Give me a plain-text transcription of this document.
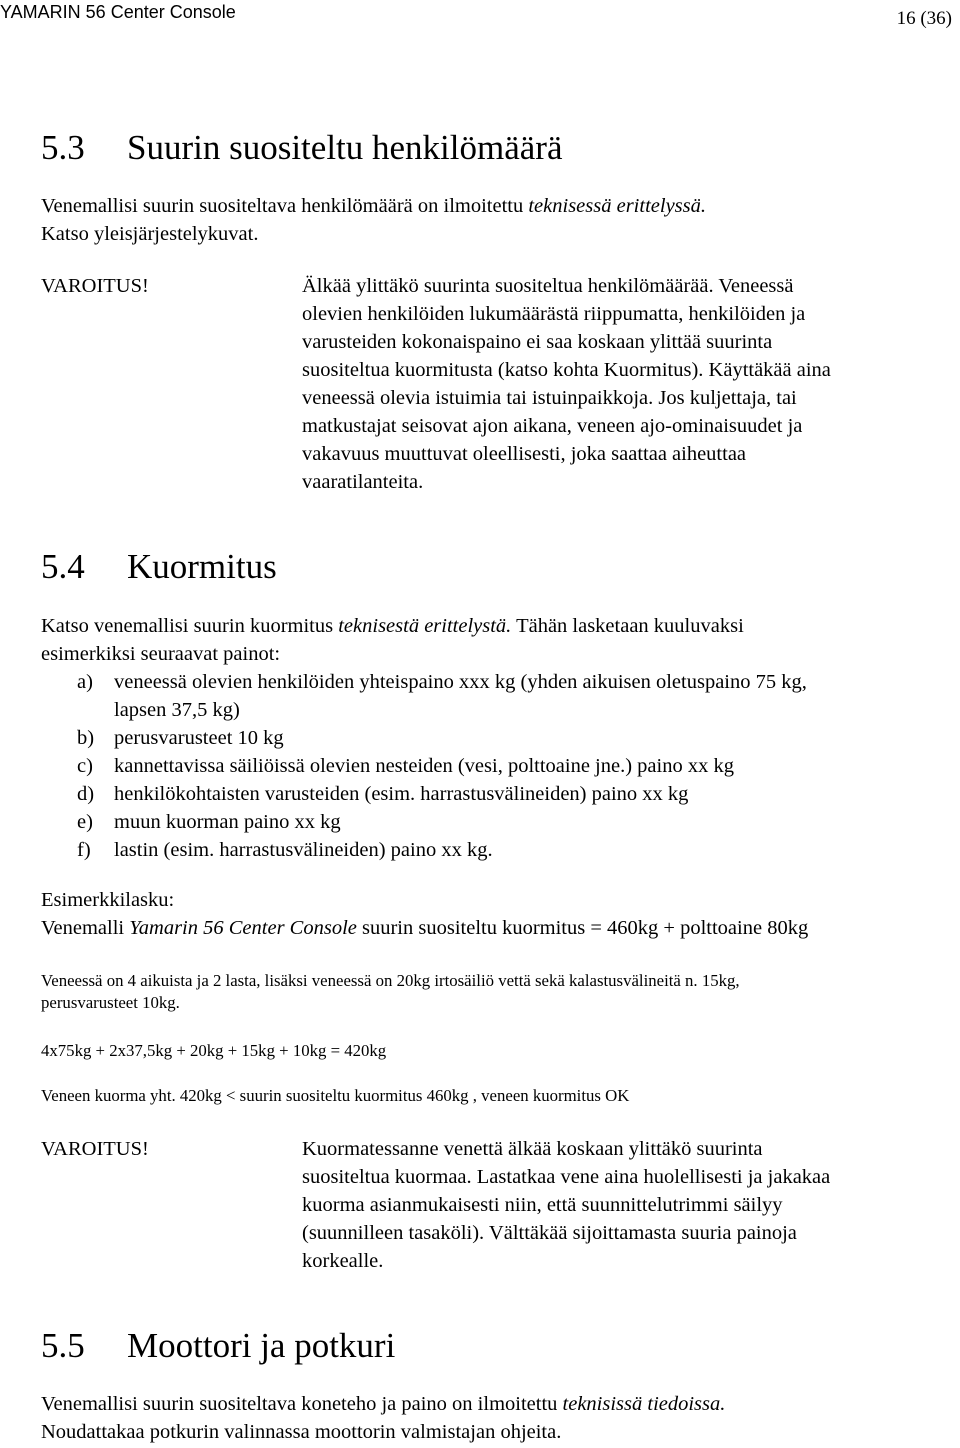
YAMARIN 56 Center Console	16 (36)
5.3 Suurin suositeltu henkilömäärä
Venemallisi suurin suositeltava henkilömäärä on ilmoitettu teknisessä erittelyssä.
Katso yleisjärjestelykuvat.
VAROITUS!	Älkää ylittäkö suurinta suositeltua henkilömäärää. Veneessä
olevien henkilöiden lukumäärästä riippumatta, henkilöiden ja
varusteiden kokonaispaino ei saa koskaan ylittää suurinta
suositeltua kuormitusta (katso kohta Kuormitus). Käyttäkää aina
veneessä olevia istuimia tai istuinpaikkoja. Jos kuljettaja, tai
matkustajat seisovat ajon aikana, veneen ajo-ominaisuudet ja
vakavuus muuttuvat oleellisesti, joka saattaa aiheuttaa
vaaratilanteita.
5.4 Kuormitus
Katso venemallisi suurin kuormitus teknisestä erittelystä. Tähän lasketaan kuuluvaksi
esimerkiksi seuraavat painot:
a) veneessä olevien henkilöiden yhteispaino xxx kg (yhden aikuisen oletuspaino 75 kg,
lapsen 37,5 kg)
b) perusvarusteet 10 kg
c) kannettavissa säiliöissä olevien nesteiden (vesi, polttoaine jne.) paino xx kg
d) henkilökohtaisten varusteiden (esim. harrastusvälineiden) paino xx kg
e) muun kuorman paino xx kg
f) lastin (esim. harrastusvälineiden) paino xx kg.
Esimerkkilasku:
Venemalli Yamarin 56 Center Console suurin suositeltu kuormitus = 460kg + polttoaine 80kg
Veneessä on 4 aikuista ja 2 lasta, lisäksi veneessä on 20kg irtosäiliö vettä sekä kalastusvälineitä n. 15kg,
perusvarusteet 10kg.
4x75kg + 2x37,5kg + 20kg + 15kg + 10kg = 420kg
Veneen kuorma yht. 420kg < suurin suositeltu kuormitus 460kg , veneen kuormitus OK
VAROITUS!	Kuormatessanne venettä älkää koskaan ylittäkö suurinta
suositeltua kuormaa. Lastatkaa vene aina huolellisesti ja jakakaa
kuorma asianmukaisesti niin, että suunnittelutrimmi säilyy
(suunnilleen tasaköli). Välttäkää sijoittamasta suuria painoja
korkealle.
5.5 Moottori ja potkuri
Venemallisi suurin suositeltava koneteho ja paino on ilmoitettu teknisissä tiedoissa.
Noudattakaa potkurin valinnassa moottorin valmistajan ohjeita.
